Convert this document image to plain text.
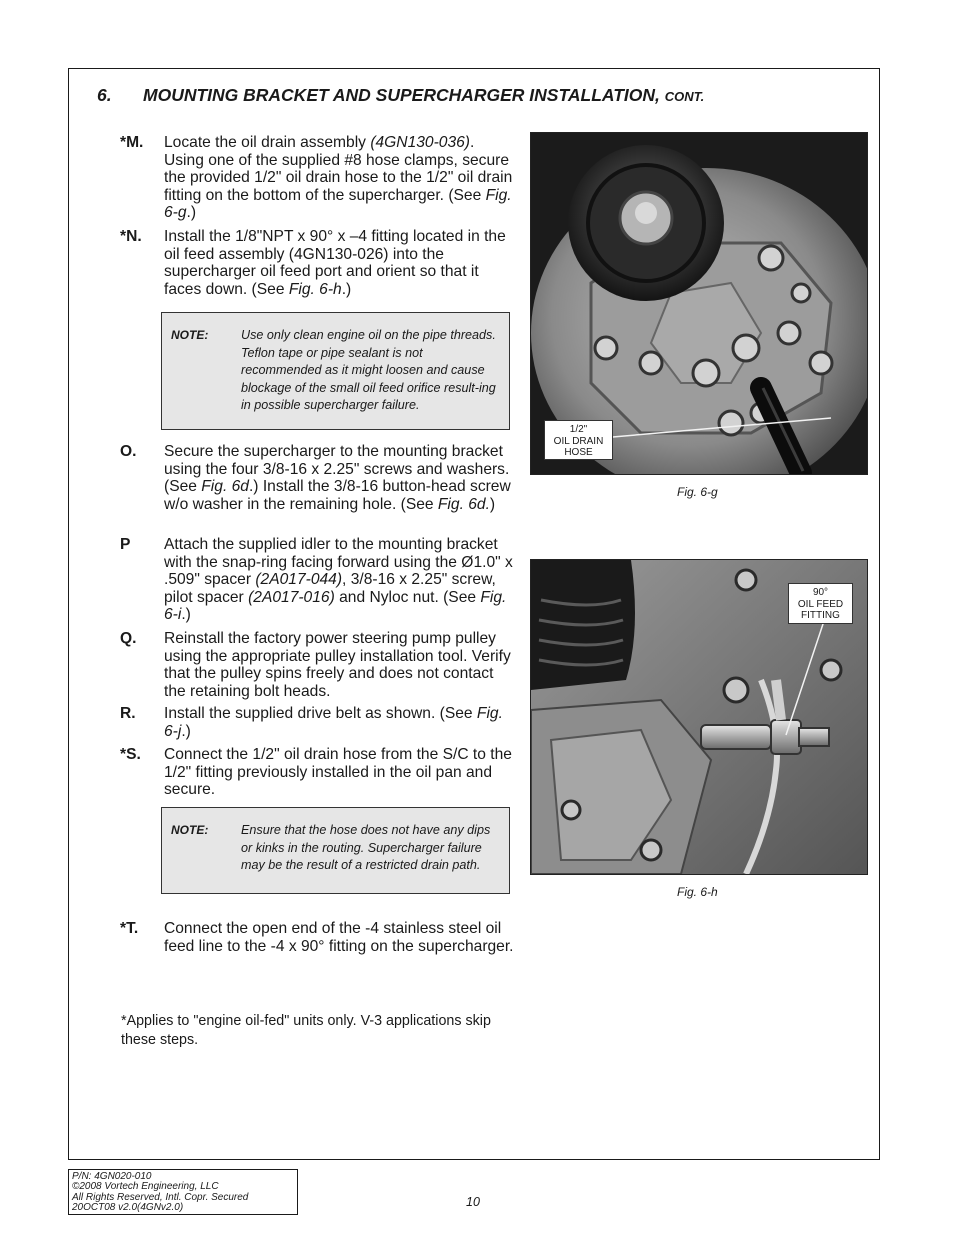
6. MOUNTING BRACKET AND SUPERCHARGER INSTALLATION, CONT.
*M. Locate the oil drain assembly (4GN130-036). Using one of the supplied #8 hose clamps, secure the provided 1/2" oil drain hose to the 1/2" oil drain fitting on the bottom of the supercharger. (See Fig. 6-g.)
*N. Install the 1/8"NPT x 90° x –4 fitting located in the oil feed assembly (4GN130-026) into the supercharger oil feed port and orient so that it faces down. (See Fig. 6-h.)
NOTE:	Use only clean engine oil on the pipe threads. Teflon tape or pipe sealant is not recommended as it might loosen and cause blockage of the small oil feed orifice result-ing in possible supercharger failure.
O. Secure the supercharger to the mounting bracket using the four 3/8-16 x 2.25" screws and washers. (See Fig. 6d.) Install the 3/8-16 button-head screw w/o washer in the remaining hole. (See Fig. 6d.)
P Attach the supplied idler to the mounting bracket with the snap-ring facing forward using the Ø1.0" x .509" spacer (2A017-044), 3/8-16 x 2.25" screw, pilot spacer (2A017-016) and Nyloc nut. (See Fig. 6-i.)
Q. Reinstall the factory power steering pump pulley using the appropriate pulley installation tool. Verify that the pulley spins freely and does not contact the retaining bolt heads.
R. Install the supplied drive belt as shown. (See Fig. 6-j.)
*S. Connect the 1/2" oil drain hose from the S/C to the 1/2" fitting previously installed in the oil pan and secure.
NOTE:	Ensure that the hose does not have any dips or kinks in the routing. Supercharger failure may be the result of a restricted drain path.
*T. Connect the open end of the -4 stainless steel oil feed line to the -4 x 90° fitting on the supercharger.
1/2"
OIL DRAIN
HOSE
Fig. 6-g
90°
OIL FEED
FITTING
Fig. 6-h
*Applies to "engine oil-fed" units only. V-3 applications skip these steps.
P/N: 4GN020-010
©2008 Vortech Engineering, LLC
All Rights Reserved, Intl. Copr. Secured
20OCT08 v2.0(4GNv2.0)	10
